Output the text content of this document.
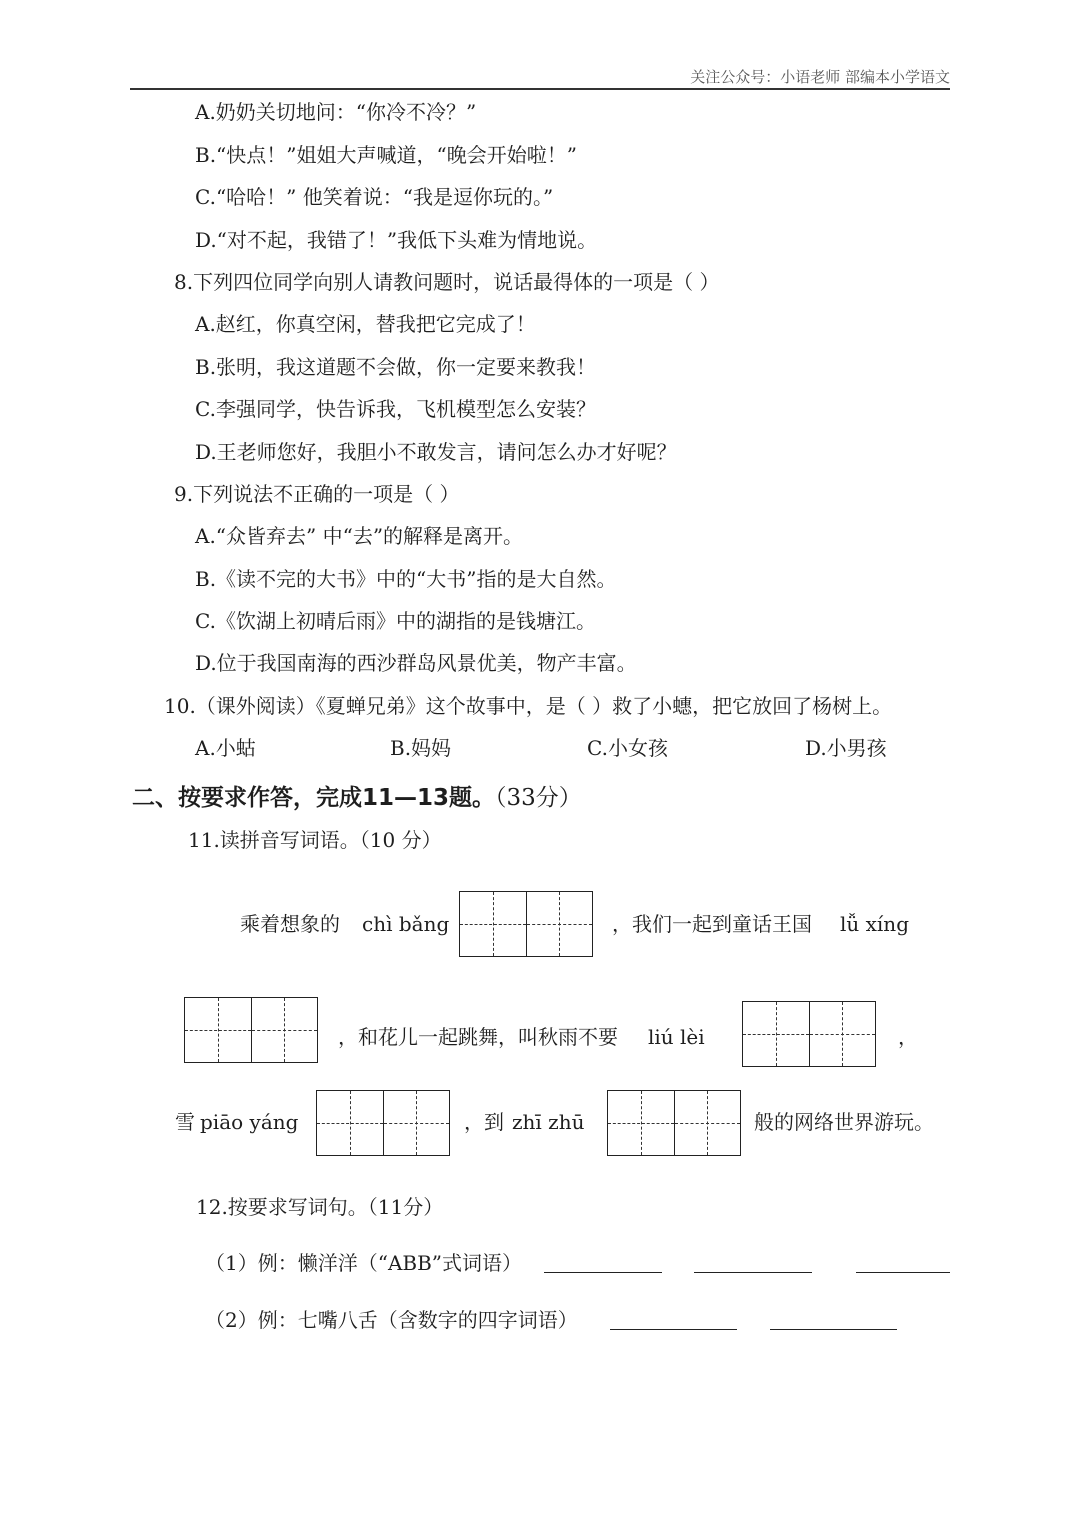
关注公众号：小语老师 部编本小学语文
A.奶奶关切地问：“你冷不冷？”
B.“快点！”姐姐大声喊道，“晚会开始啦！”
C.“哈哈！” 他笑着说：“我是逗你玩的。”
D.“对不起，我错了！”我低下头难为情地说。
8.下列四位同学向别人请教问题时，说话最得体的一项是（ ）
A.赵红，你真空闲，替我把它完成了！
B.张明，我这道题不会做，你一定要来教我！
C.李强同学，快告诉我，飞机模型怎么安装？
D.王老师您好，我胆小不敢发言，请问怎么办才好呢？
9.下列说法不正确的一项是（ ）
A.“众皆弃去” 中“去”的解释是离开。
B.《读不完的大书》中的“大书”指的是大自然。
C.《饮湖上初晴后雨》中的湖指的是钱塘江。
D.位于我国南海的西沙群岛风景优美，物产丰富。
10.（课外阅读）《夏蝉兄弟》这个故事中，是（ ）救了小蟪，把它放回了杨树上。
A.小蛄	B.妈妈	C.小女孩	D.小男孩
二、按要求作答，完成11—13题。（33分）
11.读拼音写词语。（10 分）
乘着想象的 chì bǎng	，我们一起到童话王国 lǚ xíng
，和花儿一起跳舞，叫秋雨不要 liú lèi	，
雪 piāo yáng	，到 zhī zhū	般的网络世界游玩。
12.按要求写词句。（11分）
（1）例：懒洋洋（“ABB”式词语）
（2）例：七嘴八舌（含数字的四字词语）
